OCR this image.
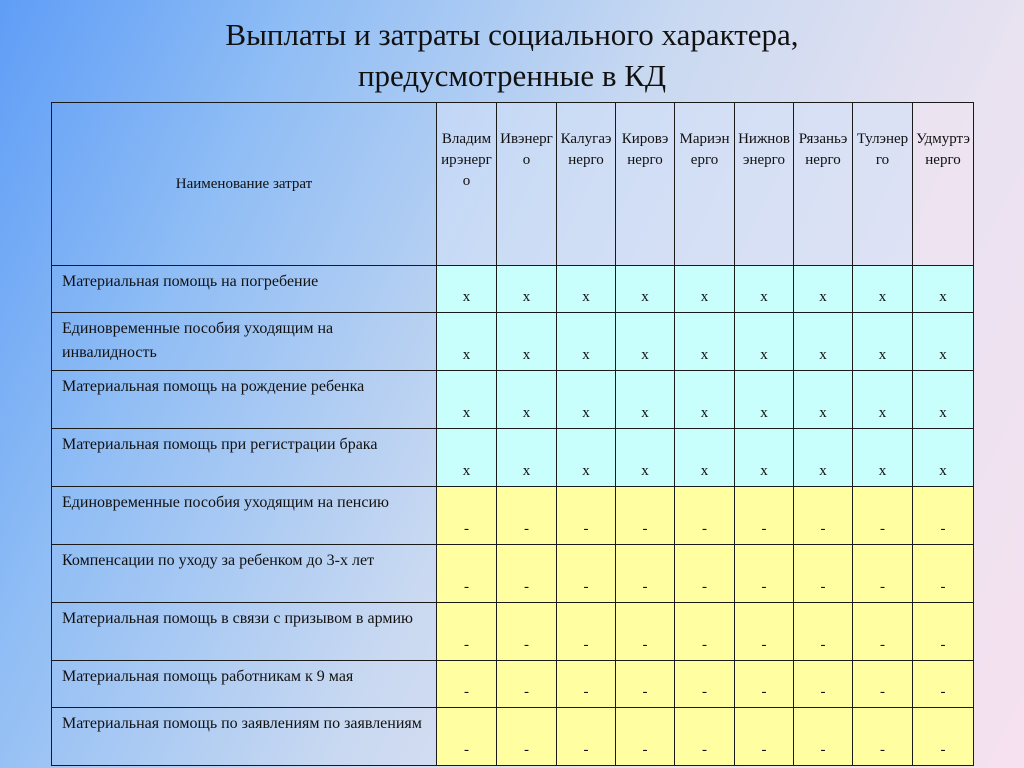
Выплаты и затраты социального характера,
предусмотренные в КД
Наименование затрат	Владимирэнерго	Ивэнерго	Калугаэнерго	Кировэнерго	Мариэнерго	Нижновэнерго	Рязаньэнерго	Тулэнерго	Удмуртэнерго
Материальная помощь на погребение	x	x	x	x	x	x	x	x	x
Единовременные пособия уходящим на инвалидность	x	x	x	x	x	x	x	x	x
Материальная помощь на рождение ребенка	x	x	x	x	x	x	x	x	x
Материальная помощь при регистрации брака	x	x	x	x	x	x	x	x	x
Единовременные пособия уходящим на пенсию	-	-	-	-	-	-	-	-	-
Компенсации по уходу за ребенком до 3-х лет	-	-	-	-	-	-	-	-	-
Материальная помощь в связи с призывом в армию	-	-	-	-	-	-	-	-	-
Материальная помощь работникам к 9 мая	-	-	-	-	-	-	-	-	-
Материальная помощь по заявлениям по заявлениям	-	-	-	-	-	-	-	-	-
